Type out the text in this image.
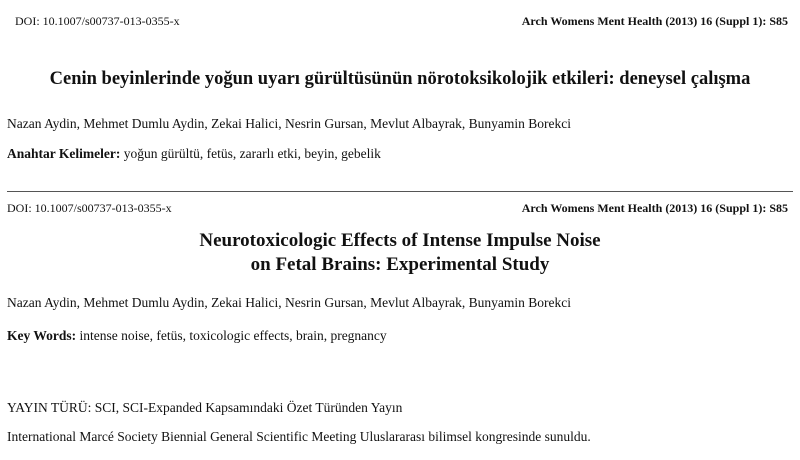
DOI: 10.1007/s00737-013-0355-x	Arch Womens Ment Health (2013) 16 (Suppl 1): S85
Cenin beyinlerinde yoğun uyarı gürültüsünün nörotoksikolojik etkileri: deneysel çalışma
Nazan Aydin, Mehmet Dumlu Aydin, Zekai Halici, Nesrin Gursan, Mevlut Albayrak, Bunyamin Borekci
Anahtar Kelimeler: yoğun gürültü, fetüs, zararlı etki, beyin, gebelik
DOI: 10.1007/s00737-013-0355-x	Arch Womens Ment Health (2013) 16 (Suppl 1): S85
Neurotoxicologic Effects of Intense Impulse Noise
on Fetal Brains: Experimental Study
Nazan Aydin, Mehmet Dumlu Aydin, Zekai Halici, Nesrin Gursan, Mevlut Albayrak, Bunyamin Borekci
Key Words: intense noise, fetüs, toxicologic effects, brain, pregnancy
YAYIN TÜRÜ: SCI, SCI-Expanded Kapsamındaki Özet Türünden Yayın
International Marcé Society Biennial General Scientific Meeting Uluslararası bilimsel kongresinde sunuldu.
